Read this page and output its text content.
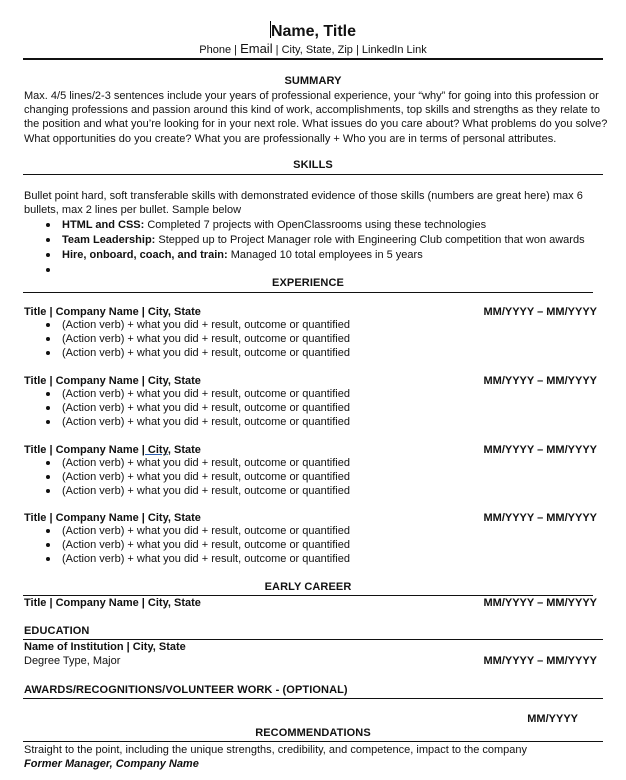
Name, Title
Phone | Email | City, State, Zip | LinkedIn Link
SUMMARY
Max. 4/5 lines/2-3 sentences include your years of professional experience, your “why” for going into this profession or
changing professions and passion around this kind of work, accomplishments, top skills and strengths as they relate to
the position and what you’re looking for in your next role. What issues do you care about? What problems do you solve?
What opportunities do you create? What you are professionally + Who you are in terms of personal attributes.
SKILLS
Bullet point hard, soft transferable skills with demonstrated evidence of those skills (numbers are great here) max 6
bullets, max 2 lines per bullet. Sample below
HTML and CSS: Completed 7 projects with OpenClassrooms using these technologies
Team Leadership: Stepped up to Project Manager role with Engineering Club competition that won awards
Hire, onboard, coach, and train: Managed 10 total employees in 5 years
EXPERIENCE
Title | Company Name | City, State	MM/YYYY – MM/YYYY
(Action verb) + what you did + result, outcome or quantified
(Action verb) + what you did + result, outcome or quantified
(Action verb) + what you did + result, outcome or quantified
Title | Company Name | City, State	MM/YYYY – MM/YYYY
(Action verb) + what you did + result, outcome or quantified
(Action verb) + what you did + result, outcome or quantified
(Action verb) + what you did + result, outcome or quantified
Title | Company Name | City, State	MM/YYYY – MM/YYYY
(Action verb) + what you did + result, outcome or quantified
(Action verb) + what you did + result, outcome or quantified
(Action verb) + what you did + result, outcome or quantified
Title | Company Name | City, State	MM/YYYY – MM/YYYY
(Action verb) + what you did + result, outcome or quantified
(Action verb) + what you did + result, outcome or quantified
(Action verb) + what you did + result, outcome or quantified
EARLY CAREER
Title | Company Name | City, State	MM/YYYY – MM/YYYY
EDUCATION
Name of Institution | City, State
Degree Type, Major	MM/YYYY – MM/YYYY
AWARDS/RECOGNITIONS/VOLUNTEER WORK - (OPTIONAL)
MM/YYYY
RECOMMENDATIONS
Straight to the point, including the unique strengths, credibility, and competence, impact to the company
Former Manager, Company Name
